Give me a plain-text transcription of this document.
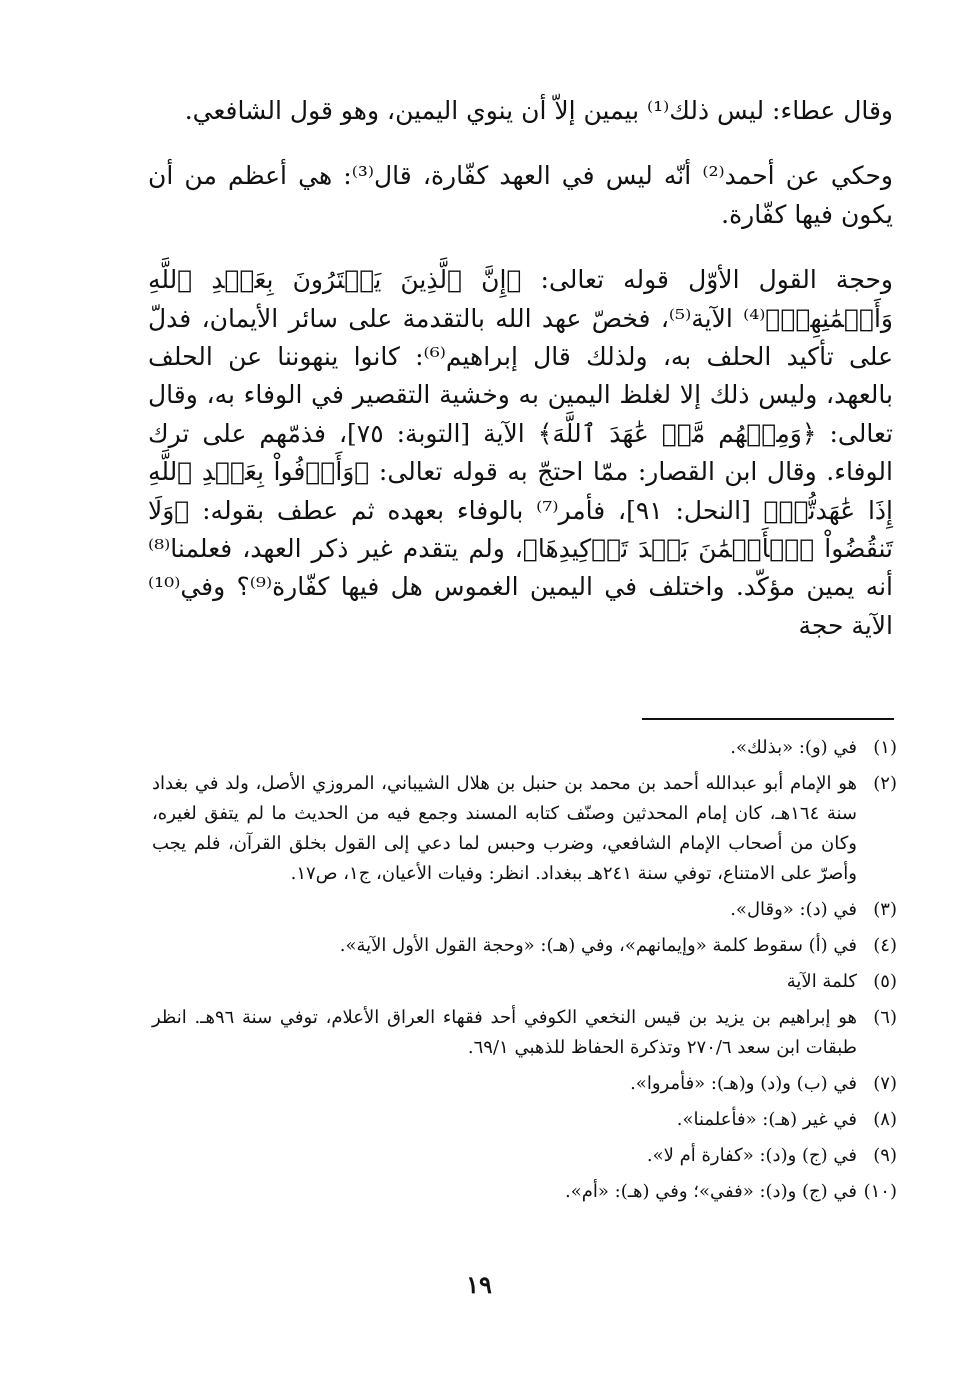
وقال عطاء: ليس ذلك⁽¹⁾ بيمين إلاّ أن ينوي اليمين، وهو قول الشافعي.

وحكي عن أحمد⁽²⁾ أنّه ليس في العهد كفّارة، قال⁽³⁾: هي أعظم من أن يكون فيها كفّارة.

وحجة القول الأوّل قوله تعالى: ﴿إِنَّ ٱلَّذِينَ يَشۡتَرُونَ بِعَهۡدِ ٱللَّهِ وَأَيۡمَٰنِهِمۡ﴾⁽⁴⁾ الآية⁽⁵⁾، فخصّ عهد الله بالتقدمة على سائر الأيمان، فدلّ على تأكيد الحلف به، ولذلك قال إبراهيم⁽⁶⁾: كانوا ينهوننا عن الحلف بالعهد، وليس ذلك إلا لغلظ اليمين به وخشية التقصير في الوفاء به، وقال تعالى: ﴿وَمِنۡهُم مَّنۡ عَٰهَدَ ٱللَّهَ﴾ الآية [التوبة: ٧٥]، فذمّهم على ترك الوفاء. وقال ابن القصار: ممّا احتجّ به قوله تعالى: ﴿وَأَوۡفُواْ بِعَهۡدِ ٱللَّهِ إِذَا عَٰهَدتُّمۡ﴾ [النحل: ٩١]، فأمر⁽⁷⁾ بالوفاء بعهده ثم عطف بقوله: ﴿وَلَا تَنقُضُواْ ٱلۡأَيۡمَٰنَ بَعۡدَ تَوۡكِيدِهَا﴾، ولم يتقدم غير ذكر العهد، فعلمنا⁽⁸⁾ أنه يمين مؤكّد. واختلف في اليمين الغموس هل فيها كفّارة⁽⁹⁾؟ وفي⁽¹⁰⁾ الآية حجة

(١)
في (و): «بذلك».
(٢)
هو الإمام أبو عبدالله أحمد بن محمد بن حنبل بن هلال الشيباني، المروزي الأصل، ولد في بغداد سنة ١٦٤هـ، كان إمام المحدثين وصنّف كتابه المسند وجمع فيه من الحديث ما لم يتفق لغيره، وكان من أصحاب الإمام الشافعي، وضرب وحبس لما دعي إلى القول بخلق القرآن، فلم يجب وأصرّ على الامتناع، توفي سنة ٢٤١هـ ببغداد. انظر: وفيات الأعيان، ج١، ص١٧.
(٣)
في (د): «وقال».
(٤)
في (أ) سقوط كلمة «وإيمانهم»، وفي (هـ): «وحجة القول الأول الآية».
(٥)
كلمة الآية
(٦)
هو إبراهيم بن يزيد بن قيس النخعي الكوفي أحد فقهاء العراق الأعلام، توفي سنة ٩٦هـ. انظر طبقات ابن سعد ٢٧٠/٦ وتذكرة الحفاظ للذهبي ٦٩/١.
(٧)
في (ب) و(د) و(هـ): «فأمروا».
(٨)
في غير (هـ): «فأعلمنا».
(٩)
في (ج) و(د): «كفارة أم لا».
(١٠)
في (ج) و(د): «ففي»؛ وفي (هـ): «أم».
١٩
